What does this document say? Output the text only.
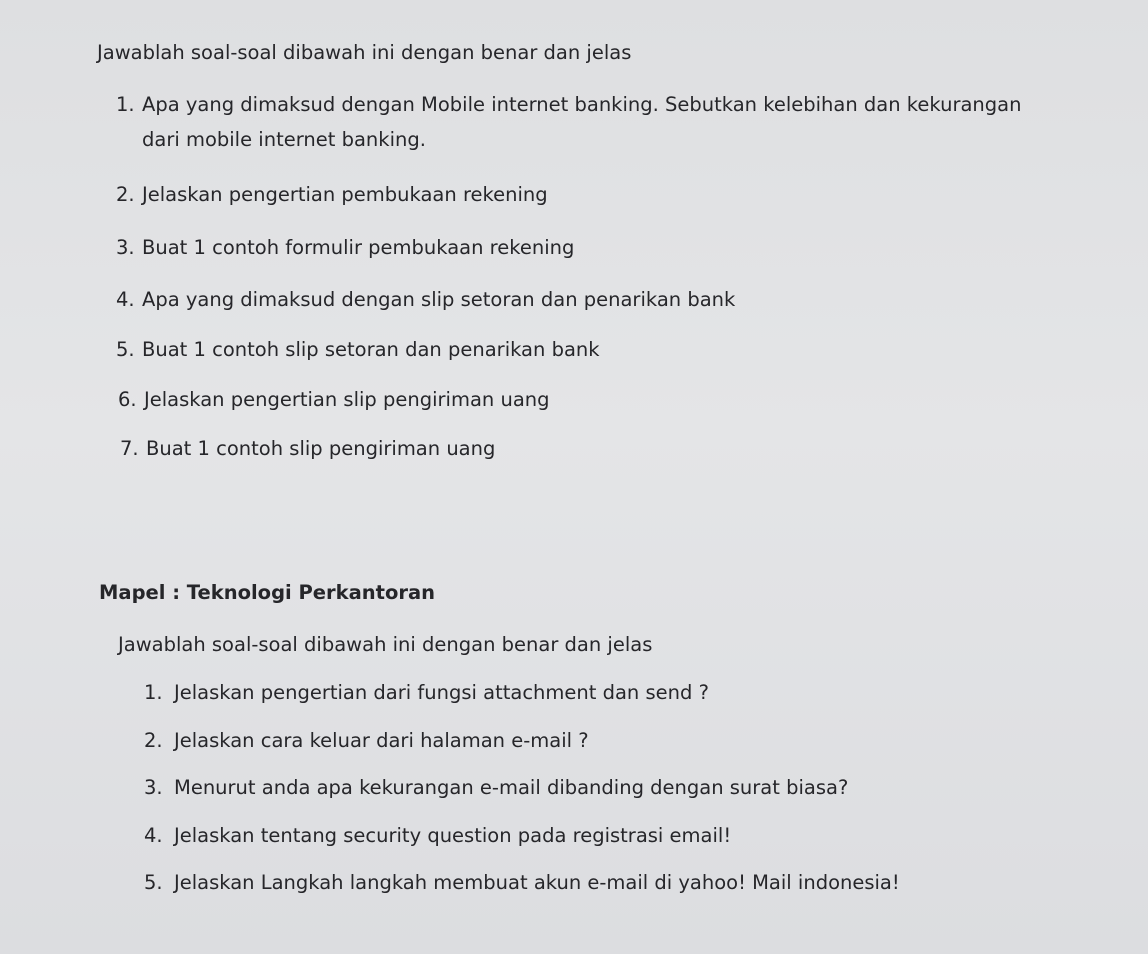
Jawablah soal-soal dibawah ini dengan benar dan jelas

1. Apa yang dimaksud dengan Mobile internet banking. Sebutkan kelebihan dan kekurangan

dari mobile internet banking.

2. Jelaskan pengertian pembukaan rekening

3. Buat 1 contoh formulir pembukaan rekening

4. Apa yang dimaksud dengan slip setoran dan penarikan bank

5. Buat 1 contoh slip setoran dan penarikan bank

6. Jelaskan pengertian slip pengiriman uang

7. Buat 1 contoh slip pengiriman uang

Mapel : Teknologi Perkantoran

Jawablah soal-soal dibawah ini dengan benar dan jelas

1. Jelaskan pengertian dari fungsi attachment dan send ?

2. Jelaskan cara keluar dari halaman e-mail ?

3. Menurut anda apa kekurangan e-mail dibanding dengan surat biasa?

4. Jelaskan tentang security question pada registrasi email!

5. Jelaskan Langkah langkah membuat akun e-mail di yahoo! Mail indonesia!
